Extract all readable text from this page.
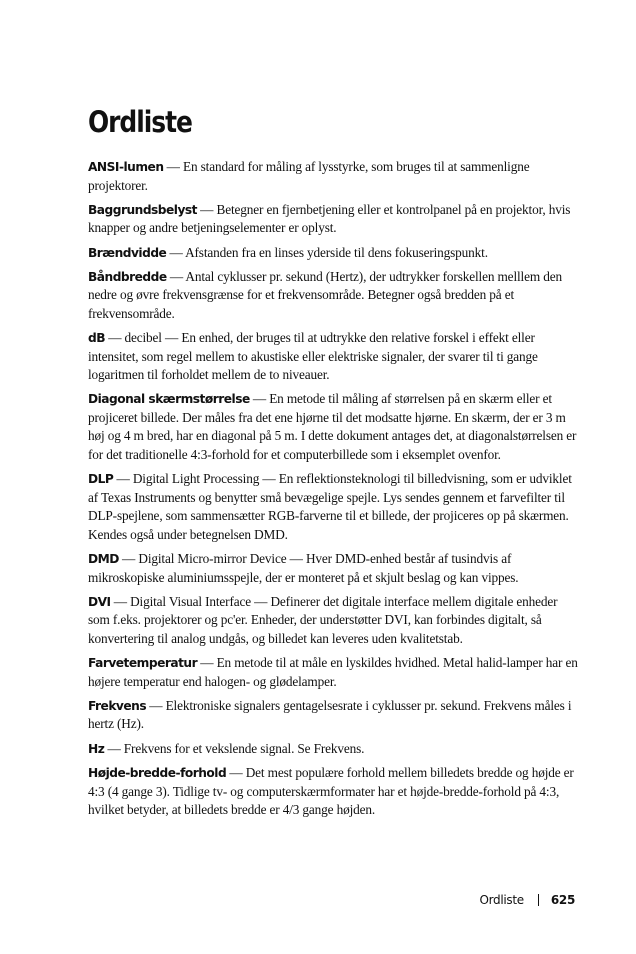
Ordliste
ANSI-lumen — En standard for måling af lysstyrke, som bruges til at sammenligne projektorer.
Baggrundsbelyst — Betegner en fjernbetjening eller et kontrolpanel på en projektor, hvis knapper og andre betjeningselementer er oplyst.
Brændvidde — Afstanden fra en linses yderside til dens fokuseringspunkt.
Båndbredde — Antal cyklusser pr. sekund (Hertz), der udtrykker forskellen melllem den nedre og øvre frekvensgrænse for et frekvensområde. Betegner også bredden på et frekvensområde.
dB — decibel — En enhed, der bruges til at udtrykke den relative forskel i effekt eller intensitet, som regel mellem to akustiske eller elektriske signaler, der svarer til ti gange logaritmen til forholdet mellem de to niveauer.
Diagonal skærmstørrelse — En metode til måling af størrelsen på en skærm eller et projiceret billede. Der måles fra det ene hjørne til det modsatte hjørne. En skærm, der er 3 m høj og 4 m bred, har en diagonal på 5 m. I dette dokument antages det, at diagonalstørrelsen er for det traditionelle 4:3-forhold for et computerbillede som i eksemplet ovenfor.
DLP — Digital Light Processing — En reflektionsteknologi til billedvisning, som er udviklet af Texas Instruments og benytter små bevægelige spejle. Lys sendes gennem et farvefilter til DLP-spejlene, som sammensætter RGB-farverne til et billede, der projiceres op på skærmen. Kendes også under betegnelsen DMD.
DMD — Digital Micro-mirror Device — Hver DMD-enhed består af tusindvis af mikroskopiske aluminiumsspejle, der er monteret på et skjult beslag og kan vippes.
DVI — Digital Visual Interface — Definerer det digitale interface mellem digitale enheder som f.eks. projektorer og pc'er. Enheder, der understøtter DVI, kan forbindes digitalt, så konvertering til analog undgås, og billedet kan leveres uden kvalitetstab.
Farvetemperatur — En metode til at måle en lyskildes hvidhed. Metal halid-lamper har en højere temperatur end halogen- og glødelamper.
Frekvens — Elektroniske signalers gentagelsesrate i cyklusser pr. sekund. Frekvens måles i hertz (Hz).
Hz — Frekvens for et vekslende signal. Se Frekvens.
Højde-bredde-forhold — Det mest populære forhold mellem billedets bredde og højde er 4:3 (4 gange 3). Tidlige tv- og computerskærmformater har et højde-bredde-forhold på 4:3, hvilket betyder, at billedets bredde er 4/3 gange højden.
Ordliste 625
